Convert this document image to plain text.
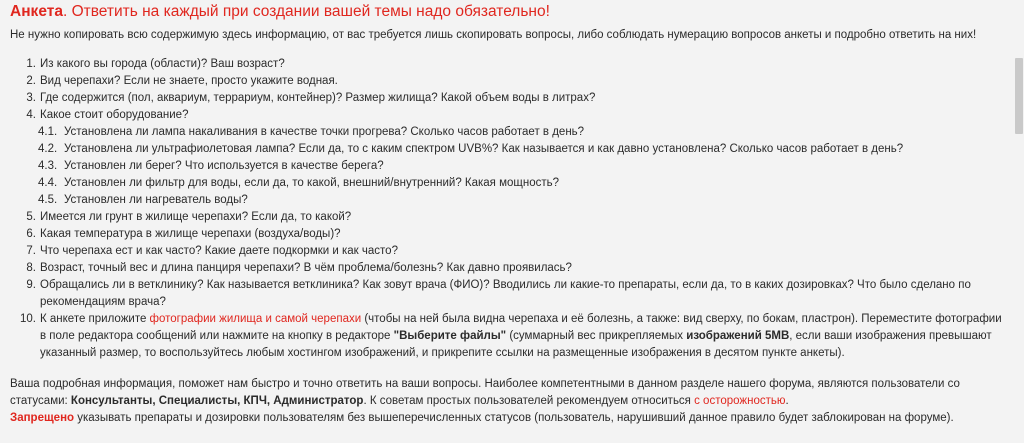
Анкета. Ответить на каждый при создании вашей темы надо обязательно!

Не нужно копировать всю содержимую здесь информацию, от вас требуется лишь скопировать вопросы, либо соблюдать нумерацию вопросов анкеты и подробно ответить на них!

1. Из какого вы города (области)? Ваш возраст?
2. Вид черепахи? Если не знаете, просто укажите водная.
3. Где содержится (пол, аквариум, террариум, контейнер)? Размер жилища? Какой объем воды в литрах?
4. Какое стоит оборудование?
4.1. Установлена ли лампа накаливания в качестве точки прогрева? Сколько часов работает в день?
4.2. Установлена ли ультрафиолетовая лампа? Если да, то с каким спектром UVB%? Как называется и как давно установлена? Сколько часов работает в день?
4.3. Установлен ли берег? Что используется в качестве берега?
4.4. Установлен ли фильтр для воды, если да, то какой, внешний/внутренний? Какая мощность?
4.5. Установлен ли нагреватель воды?
5. Имеется ли грунт в жилище черепахи? Если да, то какой?
6. Какая температура в жилище черепахи (воздуха/воды)?
7. Что черепаха ест и как часто? Какие даете подкормки и как часто?
8. Возраст, точный вес и длина панциря черепахи? В чём проблема/болезнь? Как давно проявилась?
9. Обращались ли в ветклинику? Как называется ветклиника? Как зовут врача (ФИО)? Вводились ли какие-то препараты, если да, то в каких дозировках? Что было сделано по рекомендациям врача?
10. К анкете приложите фотографии жилища и самой черепахи (чтобы на ней была видна черепаха и её болезнь, а также: вид сверху, по бокам, пластрон). Переместите фотографии в поле редактора сообщений или нажмите на кнопку в редакторе "Выберите файлы" (суммарный вес прикрепляемых изображений 5MB, если ваши изображения превышают указанный размер, то воспользуйтесь любым хостингом изображений, и прикрепите ссылки на размещенные изображения в десятом пункте анкеты).

Ваша подробная информация, поможет нам быстро и точно ответить на ваши вопросы. Наиболее компетентными в данном разделе нашего форума, являются пользователи со статусами: Консультанты, Специалисты, КПЧ, Администратор. К советам простых пользователей рекомендуем относиться с осторожностью.

Запрещено указывать препараты и дозировки пользователям без вышеперечисленных статусов (пользователь, нарушивший данное правило будет заблокирован на форуме).
